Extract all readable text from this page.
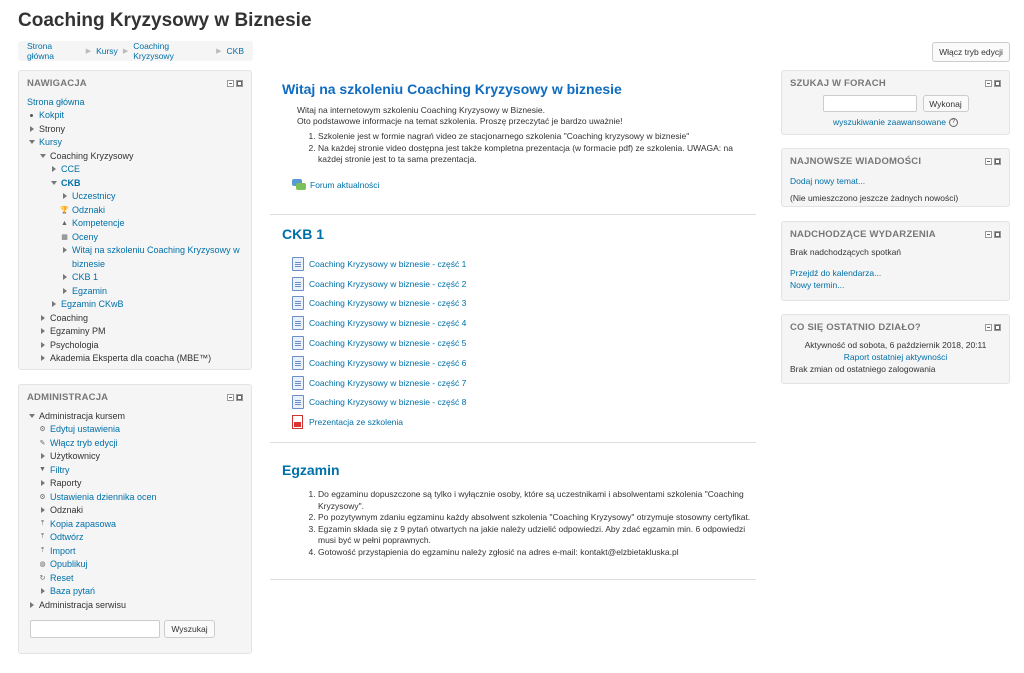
Coaching Kryzysowy w Biznesie
Strona główna	▶ Kursy ▶
Coaching Kryzysowy	▶ CKB	Włącz tryb edycji
NAWIGACJA
Strona główna
Kokpit
Strony
Kursy
Coaching Kryzysowy
CCE
CKB
Uczestnicy
🏆 Odznaki
▲ Kompetencje
▦ Oceny
Witaj na szkoleniu Coaching Kryzysowy w
biznesie
CKB 1
Egzamin
Egzamin CKwB
Coaching
Egzaminy PM
Psychologia
Akademia Eksperta dla coacha (MBE™)
ADMINISTRACJA
Administracja kursem
⚙ Edytuj ustawienia
✎ Włącz tryb edycji
Użytkownicy
▼ Filtry
Raporty
⚙ Ustawienia dziennika ocen
Odznaki
⤒ Kopia zapasowa
⤒ Odtwórz
⤒ Import
◍ Opublikuj
↻ Reset
Baza pytań
Administracja serwisu
Wyszukaj
Witaj na szkoleniu Coaching Kryzysowy w biznesie
Witaj na internetowym szkoleniu Coaching Kryzysowy w Biznesie.
Oto podstawowe informacje na temat szkolenia. Proszę przeczytać je bardzo uważnie!
1. Szkolenie jest w formie nagrań video ze stacjonarnego szkolenia "Coaching kryzysowy w biznesie"
2. Na każdej stronie video dostępna jest także kompletna prezentacja (w formacie pdf) ze szkolenia. UWAGA: na
każdej stronie jest to ta sama prezentacja.
Forum aktualności
CKB 1
Coaching Kryzysowy w biznesie - część 1
Coaching Kryzysowy w biznesie - część 2
Coaching Kryzysowy w biznesie - część 3
Coaching Kryzysowy w biznesie - część 4
Coaching Kryzysowy w biznesie - część 5
Coaching Kryzysowy w biznesie - część 6
Coaching Kryzysowy w biznesie - część 7
Coaching Kryzysowy w biznesie - część 8
Prezentacja ze szkolenia
Egzamin
1. Do egzaminu dopuszczone są tylko i wyłącznie osoby, które są uczestnikami i absolwentami szkolenia "Coaching
Kryzysowy".
2. Po pozytywnym zdaniu egzaminu każdy absolwent szkolenia "Coaching Kryzysowy" otrzymuje stosowny certyfikat.
3. Egzamin składa się z 9 pytań otwartych na jakie należy udzielić odpowiedzi. Aby zdać egzamin min. 6 odpowiedzi
musi być w pełni poprawnych.
4. Gotowość przystąpienia do egzaminu należy zgłosić na adres e-mail: kontakt@elzbietakluska.pl
SZUKAJ W FORACH
Wykonaj
wyszukiwanie zaawansowane ?
NAJNOWSZE WIADOMOŚCI
Dodaj nowy temat...
(Nie umieszczono jeszcze żadnych nowości)
NADCHODZĄCE WYDARZENIA
Brak nadchodzących spotkań
Przejdź do kalendarza...
Nowy termin...
CO SIĘ OSTATNIO DZIAŁO?
Aktywność od sobota, 6 październik 2018, 20:11
Raport ostatniej aktywności
Brak zmian od ostatniego zalogowania
